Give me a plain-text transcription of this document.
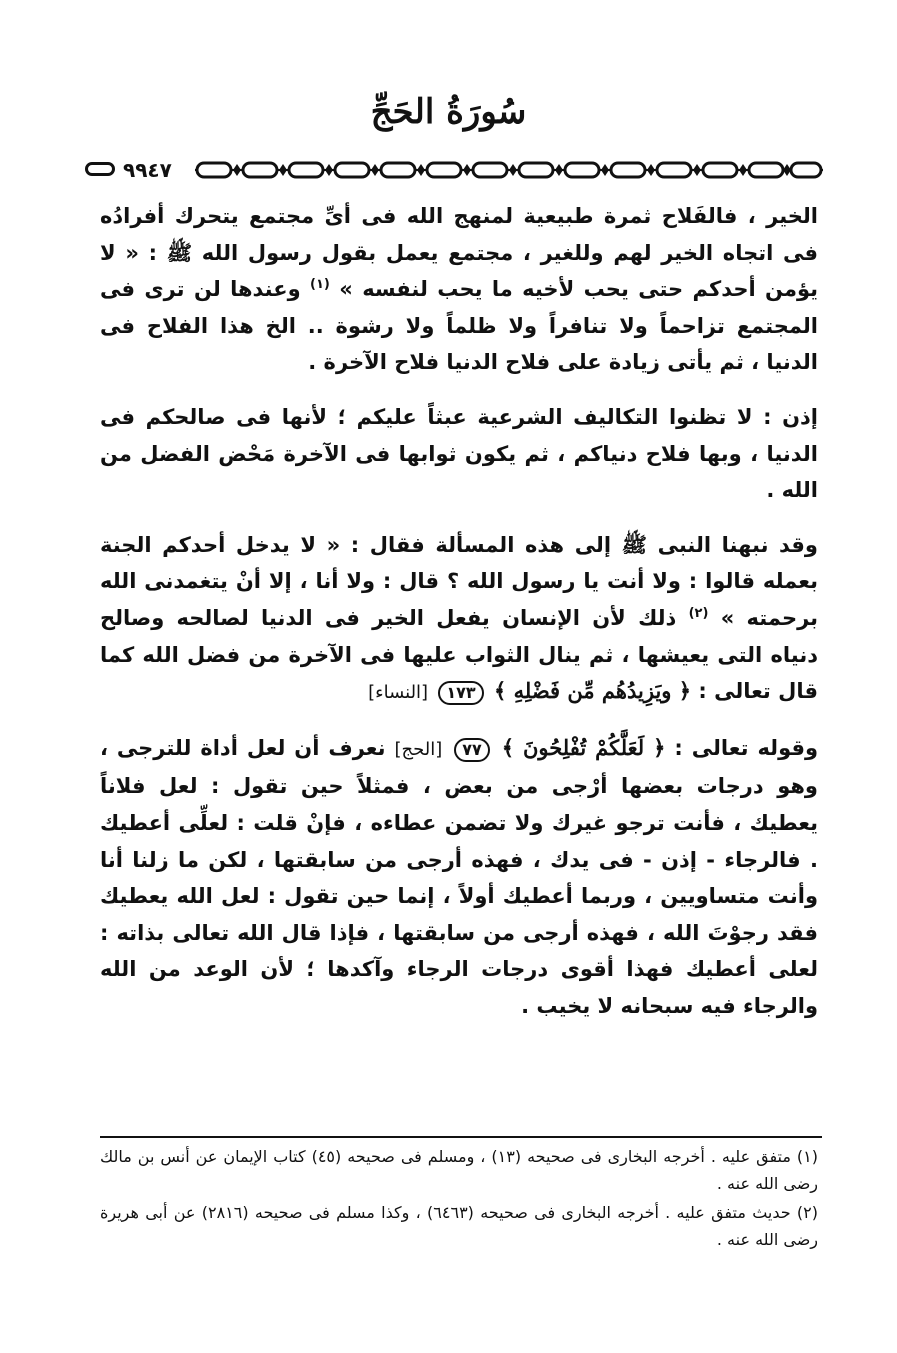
سُورَةُ الحَجِّ
٩٩٤٧

الخير ، فالفَلاح ثمرة طبيعية لمنهج الله فى أىِّ مجتمع يتحرك أفرادُه فى اتجاه الخير لهم وللغير ، مجتمع يعمل بقول رسول الله ﷺ : « لا يؤمن أحدكم حتى يحب لأخيه ما يحب لنفسه » $^{(١)}$ وعندها لن ترى فى المجتمع تزاحماً ولا تنافراً ولا ظلماً ولا رشوة .. الخ هذا الفلاح فى الدنيا ، ثم يأتى زيادة على فلاح الدنيا فلاح الآخرة .

إذن : لا تظنوا التكاليف الشرعية عبثاً عليكم ؛ لأنها فى صالحكم فى الدنيا ، وبها فلاح دنياكم ، ثم يكون ثوابها فى الآخرة مَحْض الفضل من الله .

وقد نبهنا النبى ﷺ إلى هذه المسألة فقال : « لا يدخل أحدكم الجنة بعمله قالوا : ولا أنت يا رسول الله ؟ قال : ولا أنا ، إلا أنْ يتغمدنى الله برحمته » $^{(٢)}$ ذلك لأن الإنسان يفعل الخير فى الدنيا لصالحه وصالح دنياه التى يعيشها ، ثم ينال الثواب عليها فى الآخرة من فضل الله كما قال تعالى : ﴿ ويَزِيدُهُم مِّن فَضْلِهِ ﴾ ١٧٣ [النساء]

وقوله تعالى : ﴿ لَعَلَّكُمْ تُفْلِحُونَ ﴾ ٧٧ [الحج] نعرف أن لعل أداة للترجى ، وهو درجات بعضها أرْجى من بعض ، فمثلاً حين تقول : لعل فلاناً يعطيك ، فأنت ترجو غيرك ولا تضمن عطاءه ، فإنْ قلت : لعلِّى أعطيك . فالرجاء - إذن - فى يدك ، فهذه أرجى من سابقتها ، لكن ما زلنا أنا وأنت متساويين ، وربما أعطيك أولاً ، إنما حين تقول : لعل الله يعطيك فقد رجوْتَ الله ، فهذه أرجى من سابقتها ، فإذا قال الله تعالى بذاته : لعلى أعطيك فهذا أقوى درجات الرجاء وآكدها ؛ لأن الوعد من الله والرجاء فيه سبحانه لا يخيب .

(١) متفق عليه . أخرجه البخارى فى صحيحه (١٣) ، ومسلم فى صحيحه (٤٥) كتاب الإيمان عن أنس بن مالك رضى الله عنه .

(٢) حديث متفق عليه . أخرجه البخارى فى صحيحه (٦٤٦٣) ، وكذا مسلم فى صحيحه (٢٨١٦) عن أبى هريرة رضى الله عنه .
